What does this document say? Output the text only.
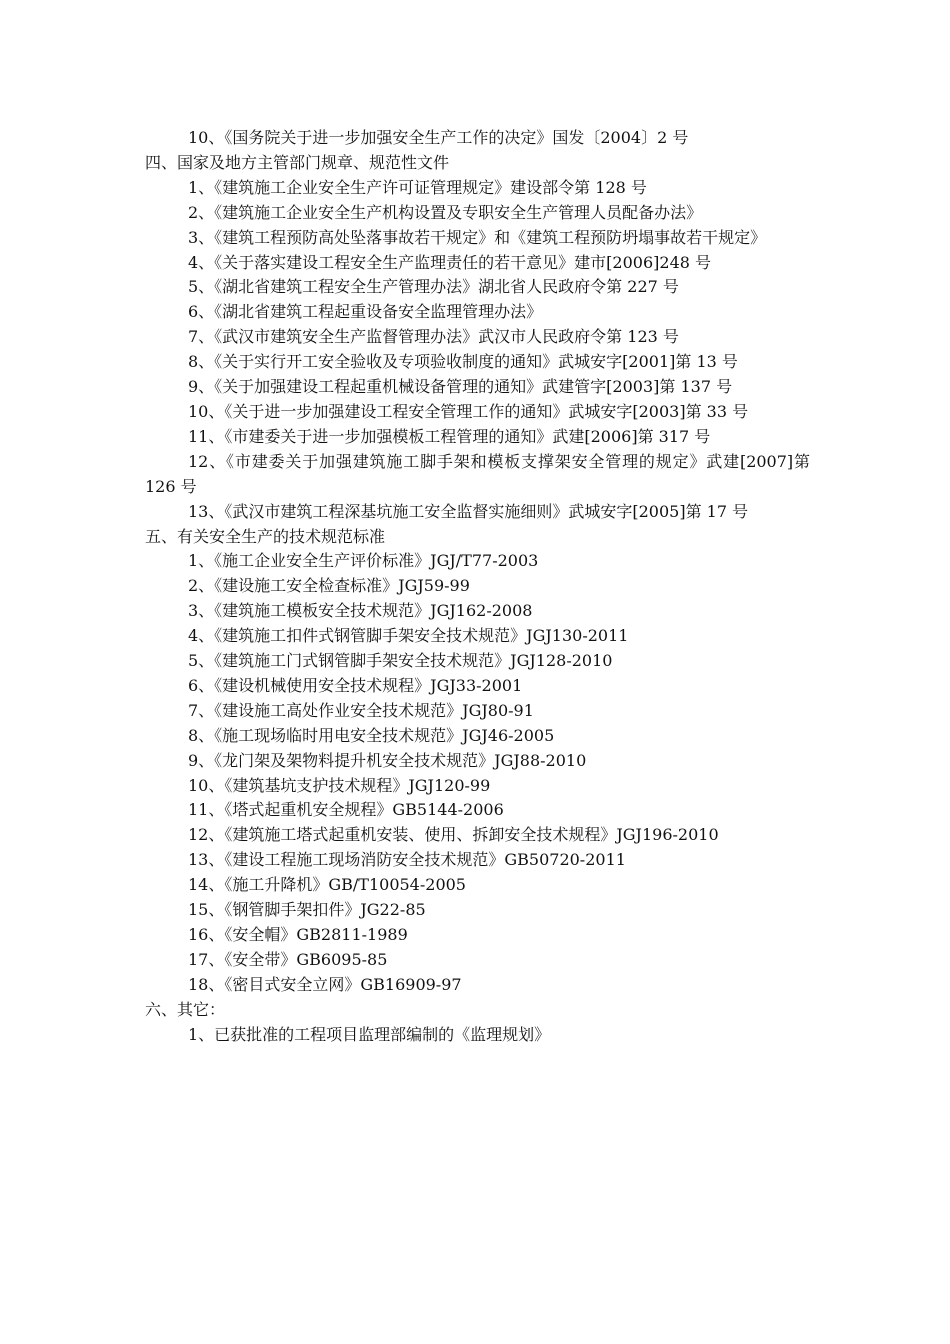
10、《国务院关于进一步加强安全生产工作的决定》国发〔2004〕2 号
四、国家及地方主管部门规章、规范性文件
1、《建筑施工企业安全生产许可证管理规定》建设部令第 128 号
2、《建筑施工企业安全生产机构设置及专职安全生产管理人员配备办法》
3、《建筑工程预防高处坠落事故若干规定》和《建筑工程预防坍塌事故若干规定》
4、《关于落实建设工程安全生产监理责任的若干意见》建市[2006]248 号
5、《湖北省建筑工程安全生产管理办法》湖北省人民政府令第 227 号
6、《湖北省建筑工程起重设备安全监理管理办法》
7、《武汉市建筑安全生产监督管理办法》武汉市人民政府令第 123 号
8、《关于实行开工安全验收及专项验收制度的通知》武城安字[2001]第 13 号
9、《关于加强建设工程起重机械设备管理的通知》武建管字[2003]第 137 号
10、《关于进一步加强建设工程安全管理工作的通知》武城安字[2003]第 33 号
11、《市建委关于进一步加强模板工程管理的通知》武建[2006]第 317 号
12、《市建委关于加强建筑施工脚手架和模板支撑架安全管理的规定》武建[2007]第 126 号
13、《武汉市建筑工程深基坑施工安全监督实施细则》武城安字[2005]第 17 号
五、有关安全生产的技术规范标准
1、《施工企业安全生产评价标准》JGJ/T77-2003
2、《建设施工安全检查标准》JGJ59-99
3、《建筑施工模板安全技术规范》JGJ162-2008
4、《建筑施工扣件式钢管脚手架安全技术规范》JGJ130-2011
5、《建筑施工门式钢管脚手架安全技术规范》JGJ128-2010
6、《建设机械使用安全技术规程》JGJ33-2001
7、《建设施工高处作业安全技术规范》JGJ80-91
8、《施工现场临时用电安全技术规范》JGJ46-2005
9、《龙门架及架物料提升机安全技术规范》JGJ88-2010
10、《建筑基坑支护技术规程》JGJ120-99
11、《塔式起重机安全规程》GB5144-2006
12、《建筑施工塔式起重机安装、使用、拆卸安全技术规程》JGJ196-2010
13、《建设工程施工现场消防安全技术规范》GB50720-2011
14、《施工升降机》GB/T10054-2005
15、《钢管脚手架扣件》JG22-85
16、《安全帽》GB2811-1989
17、《安全带》GB6095-85
18、《密目式安全立网》GB16909-97
六、其它：
1、已获批准的工程项目监理部编制的《监理规划》
